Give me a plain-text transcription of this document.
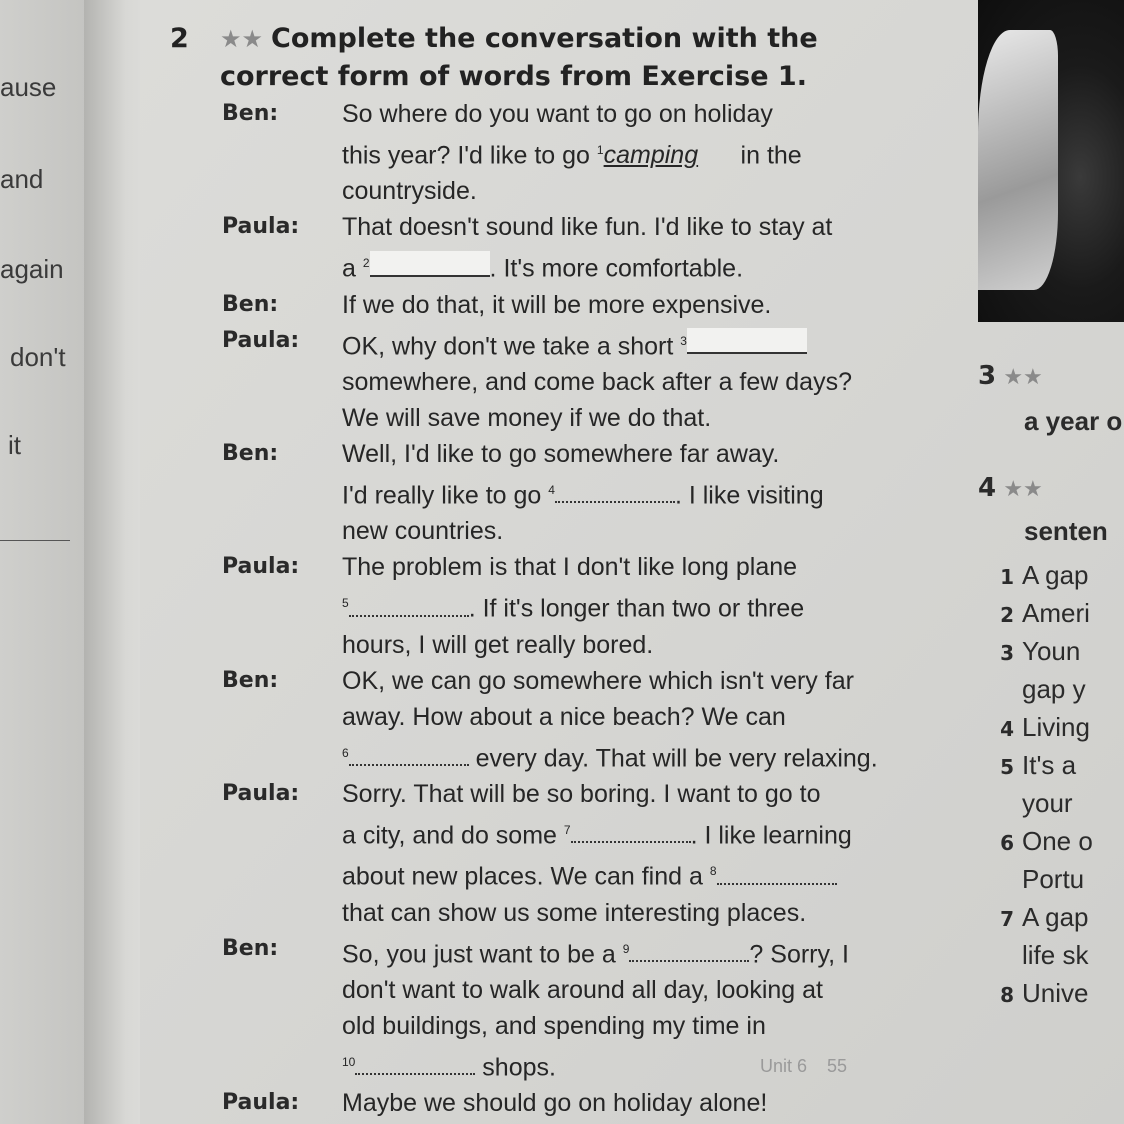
ause
and
again
don't
it
2 ★★ Complete the conversation with the
correct form of words from Exercise 1.
Ben:	So where do you want to go on holiday
this year? I'd like to go $^1$camping in the
countryside.
Paula:	That doesn't sound like fun. I'd like to stay at
a $^2$	. It's more comfortable.
Ben:	If we do that, it will be more expensive.
Paula:	OK, why don't we take a short $^3$
somewhere, and come back after a few days?
We will save money if we do that.
Ben:	Well, I'd like to go somewhere far away.
I'd really like to go $^4$	. I like visiting
new countries.
Paula:	The problem is that I don't like long plane
$^5$	. If it's longer than two or three
hours, I will get really bored.
Ben:	OK, we can go somewhere which isn't very far
away. How about a nice beach? We can
$^6$	every day. That will be very relaxing.
Paula:	Sorry. That will be so boring. I want to go to
a city, and do some $^7$	. I like learning
about new places. We can find a $^8$
that can show us some interesting places.
Ben:	So, you just want to be a $^9$	? Sorry, I
don't want to walk around all day, looking at
old buildings, and spending my time in
$^{10}$	shops.
Paula:	Maybe we should go on holiday alone!
3 ★★
a year o
4 ★★
senten
1 A gap
2 Ameri
3 Youn
gap y
4 Living
5 It's a
your
6 One o
Portu
7 A gap
life sk
8 Unive
Unit 6 55
